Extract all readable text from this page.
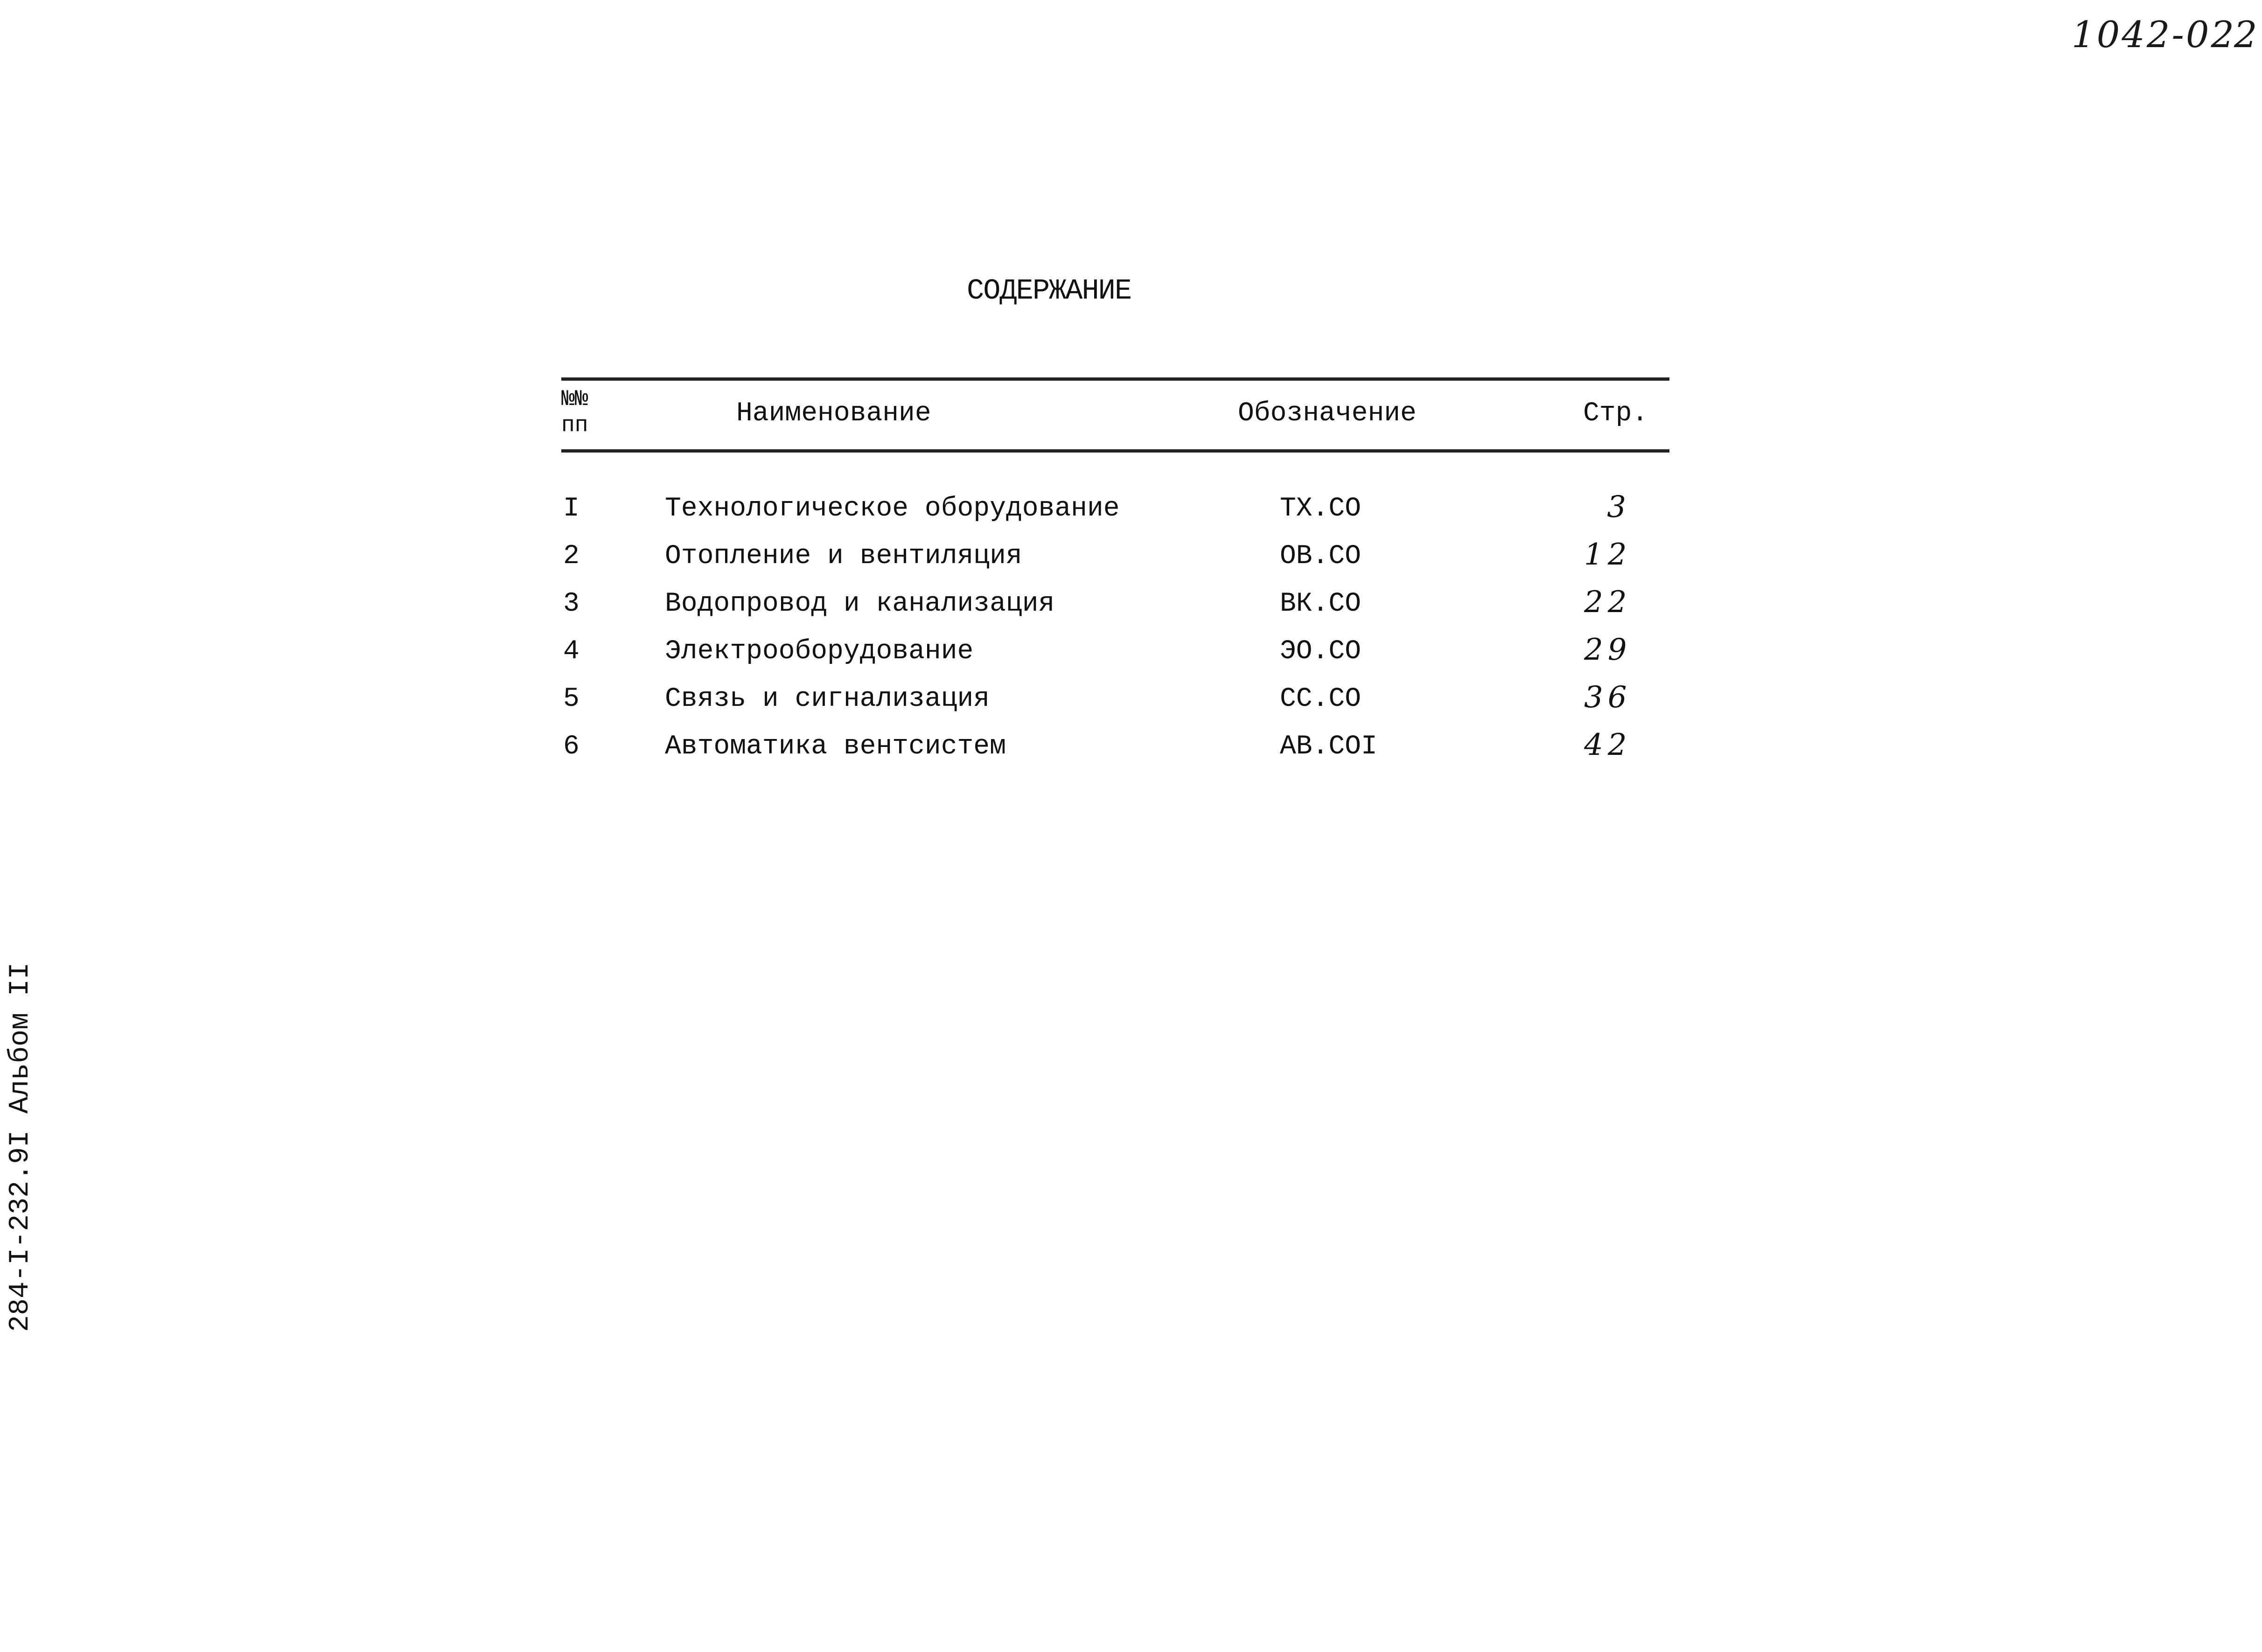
1042-02
2
СОДЕРЖАНИЕ
№№
пп	Наименование	Обозначение	Стр.
I	Технологическое оборудование	ТХ.СО	3
2	Отопление и вентиляция	ОВ.СО	12
3	Водопровод и канализация	ВК.СО	22
4	Электрооборудование	ЭО.СО	29
5	Связь и сигнализация	СС.СО	36
6	Автоматика вентсистем	АВ.СОI	42
284-I-232.9I Альбом II
